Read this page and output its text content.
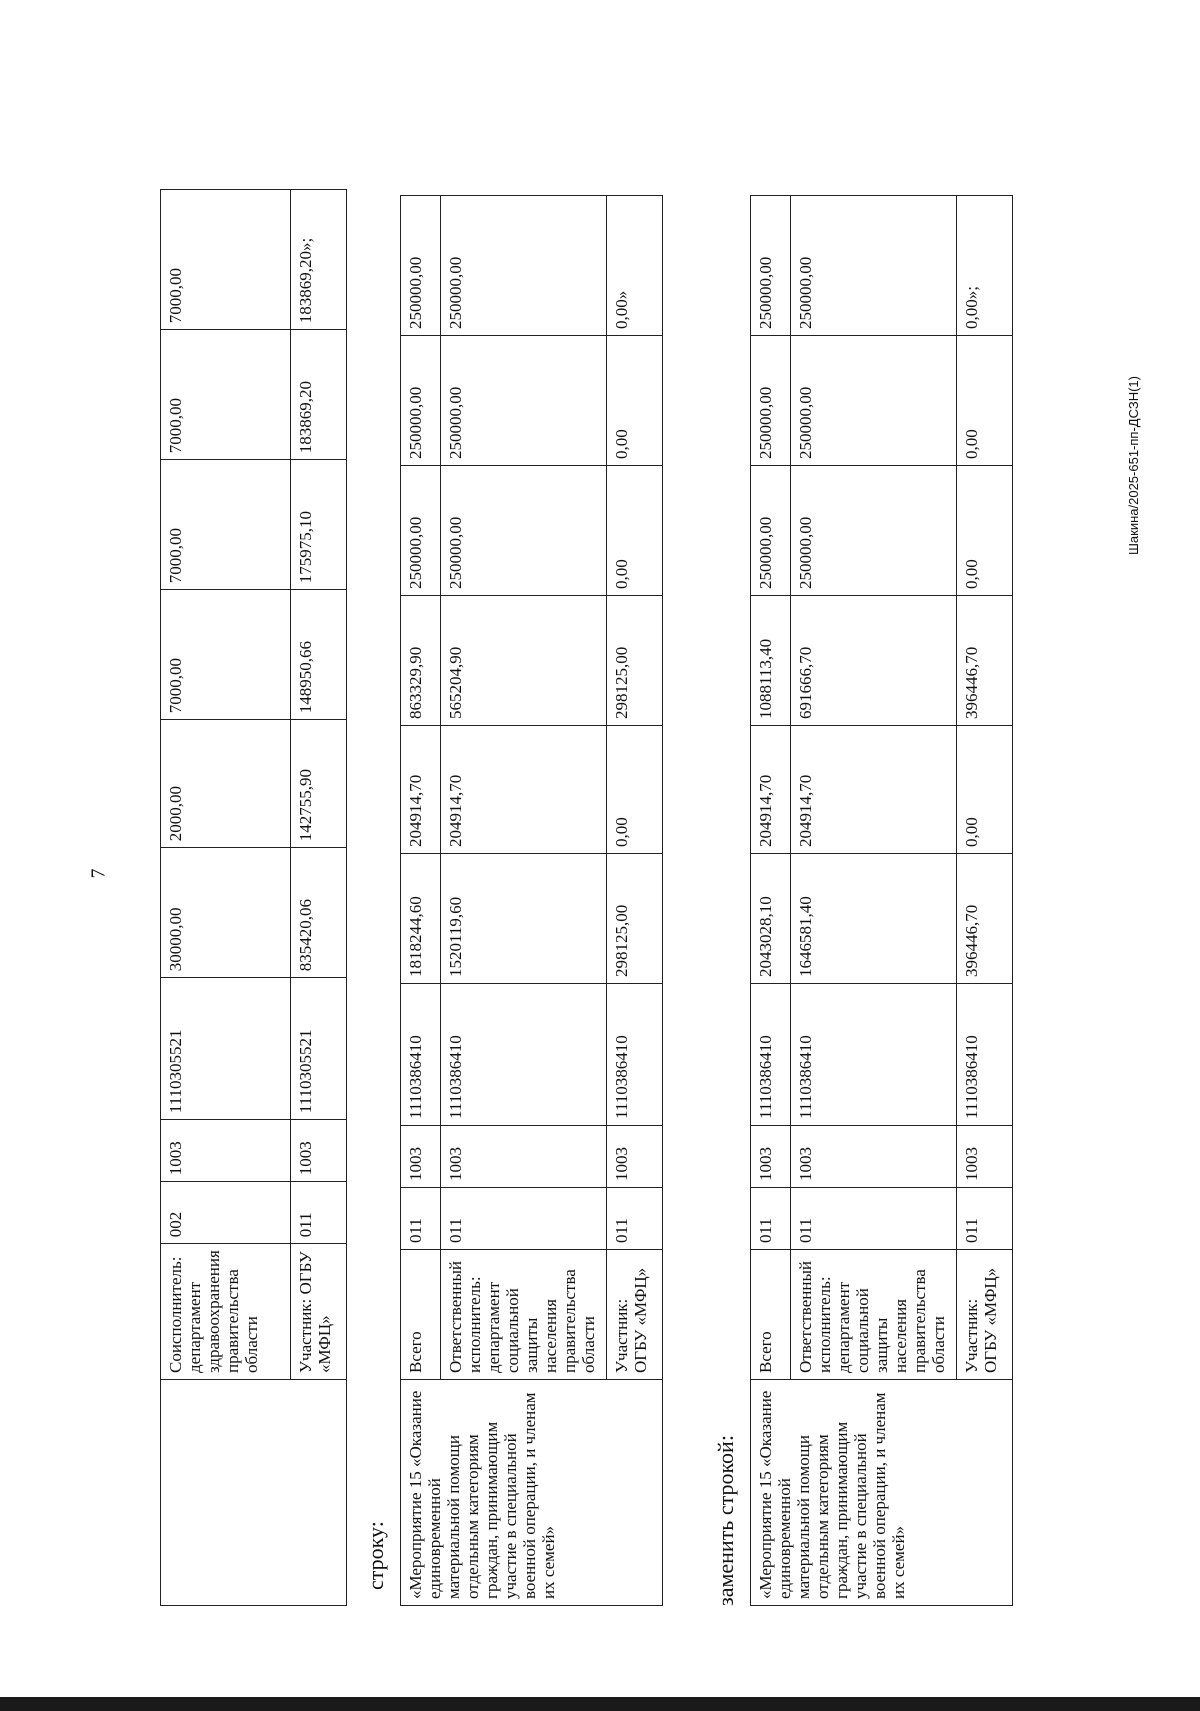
7
Шакина/2025-651-пп-ДСЗН(1)
	Соисполнитель: департамент здравоохранения правительства области	002	1003	1110305521	30000,00	2000,00	7000,00	7000,00	7000,00	7000,00
	Участник: ОГБУ «МФЦ»	011	1003	1110305521	835420,06	142755,90	148950,66	175975,10	183869,20	183869,20»;
строку: «Мероприятие 15 «Оказание единовременной материальной помощи отдельным категориям граждан, принимающим участие в специальной военной операции, и членам их семей»	Всего	011	1003	1110386410	1818244,60	204914,70	863329,90	250000,00	250000,00	250000,00
	Ответственный исполнитель: департамент социальной защиты населения правительства области	011	1003	1110386410	1520119,60	204914,70	565204,90	250000,00	250000,00	250000,00
	Участник: ОГБУ «МФЦ»	011	1003	1110386410	298125,00	0,00	298125,00	0,00	0,00	0,00»
заменить строкой: «Мероприятие 15 «Оказание единовременной материальной помощи отдельным категориям граждан, принимающим участие в специальной военной операции, и членам их семей»	Всего	011	1003	1110386410	2043028,10	204914,70	1088113,40	250000,00	250000,00	250000,00
	Ответственный исполнитель: департамент социальной защиты населения правительства области	011	1003	1110386410	1646581,40	204914,70	691666,70	250000,00	250000,00	250000,00
	Участник: ОГБУ «МФЦ»	011	1003	1110386410	396446,70	0,00	396446,70	0,00	0,00	0,00»;
